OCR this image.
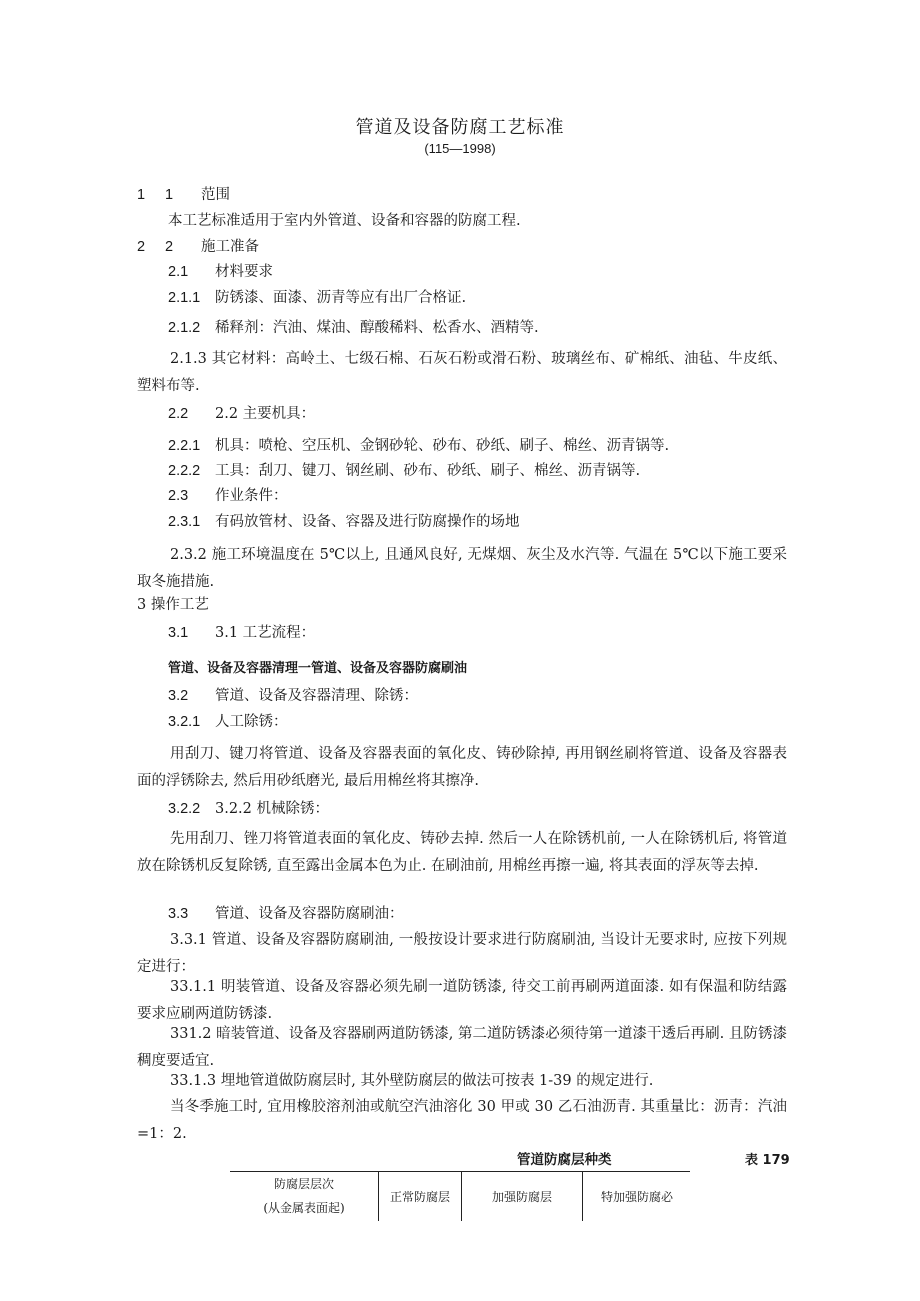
管道及设备防腐工艺标准
(115—1998)
1 1 范围
本工艺标准适用于室内外管道、设备和容器的防腐工程.
2 2 施工准备
2.1 材料要求
2.1.1 防锈漆、面漆、沥青等应有出厂合格证.
2.1.2 稀释剂：汽油、煤油、醇酸稀料、松香水、酒精等.
2.1.3 其它材料：高岭土、七级石棉、石灰石粉或滑石粉、玻璃丝布、矿棉纸、油毡、牛皮纸、塑料布等.
2.2 2.2 主要机具：
2.2.1 机具：喷枪、空压机、金钢砂轮、砂布、砂纸、刷子、棉丝、沥青锅等.
2.2.2 工具：刮刀、键刀、钢丝刷、砂布、砂纸、刷子、棉丝、沥青锅等.
2.3 作业条件：
2.3.1 有码放管材、设备、容器及进行防腐操作的场地
2.3.2 施工环境温度在 5℃以上, 且通风良好, 无煤烟、灰尘及水汽等. 气温在 5℃以下施工要采取冬施措施.
3 操作工艺
3.1 3.1 工艺流程：
管道、设备及容器清理一管道、设备及容器防腐刷油
3.2 管道、设备及容器清理、除锈：
3.2.1 人工除锈：
用刮刀、键刀将管道、设备及容器表面的氧化皮、铸砂除掉, 再用钢丝刷将管道、设备及容器表面的浮锈除去, 然后用砂纸磨光, 最后用棉丝将其擦净.
3.2.2 3.2.2 机械除锈：
先用刮刀、锉刀将管道表面的氧化皮、铸砂去掉. 然后一人在除锈机前, 一人在除锈机后, 将管道放在除锈机反复除锈, 直至露出金属本色为止. 在刷油前, 用棉丝再擦一遍, 将其表面的浮灰等去掉.
3.3 管道、设备及容器防腐刷油：
3.3.1 管道、设备及容器防腐刷油, 一般按设计要求进行防腐刷油, 当设计无要求时, 应按下列规定进行：
33.1.1 明装管道、设备及容器必须先刷一道防锈漆, 待交工前再刷两道面漆. 如有保温和防结露要求应刷两道防锈漆.
331.2 暗装管道、设备及容器刷两道防锈漆, 第二道防锈漆必须待第一道漆干透后再刷. 且防锈漆稠度要适宜.
33.1.3 埋地管道做防腐层时, 其外壁防腐层的做法可按表 1-39 的规定进行.
当冬季施工时, 宜用橡胶溶剂油或航空汽油溶化 30 甲或 30 乙石油沥青. 其重量比：沥青：汽油=1：2.
管道防腐层种类	表 179
防腐层层次
(从金属表面起)
	正常防腐层	加强防腐层	特加强防腐必
